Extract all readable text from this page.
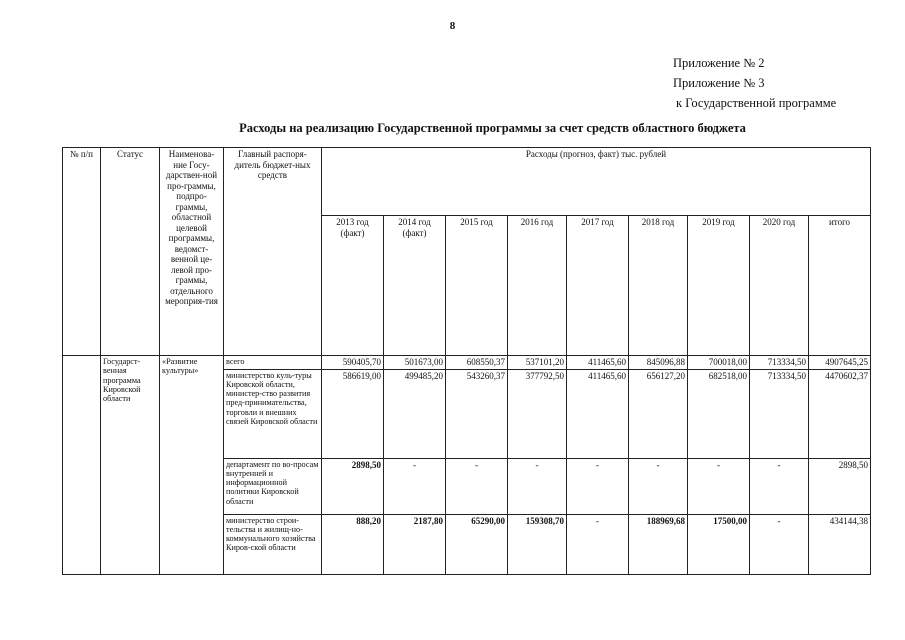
8
Приложение № 2
Приложение № 3
к Государственной программе
Расходы на реализацию Государственной программы за счет средств областного бюджета
№ п/п	Статус	Наименова-ние Госу-дарствен-ной про-граммы, подпро-граммы, областной целевой программы, ведомст-венной це-левой про-граммы, отдельного мероприя-тия	Главный распоря-дитель бюджет-ных средств	Расходы (прогноз, факт) тыс. рублей								
				2013 год (факт)	2014 год (факт)	2015 год	2016 год	2017 год	2018 год	2019 год	2020 год	итого
	Государст-венная программа Кировской области	«Развитие культуры»	всего	590405,70	501673,00	608550,37	537101,20	411465,60	845096,88	700018,00	713334,50	4907645,25
			министерство куль-туры Кировской области, министер-ство развития пред-принимательства, торговли и внешних связей Кировской области	586619,00	499485,20	543260,37	377792,50	411465,60	656127,20	682518,00	713334,50	4470602,37
			департамент по во-просам внутренней и информационной политики Кировской области	2898,50	-	-	-	-	-	-	-	2898,50
			министерство строи-тельства и жилищ-но-коммунального хозяйства Киров-ской области	888,20	2187,80	65290,00	159308,70	-	188969,68	17500,00	-	434144,38
